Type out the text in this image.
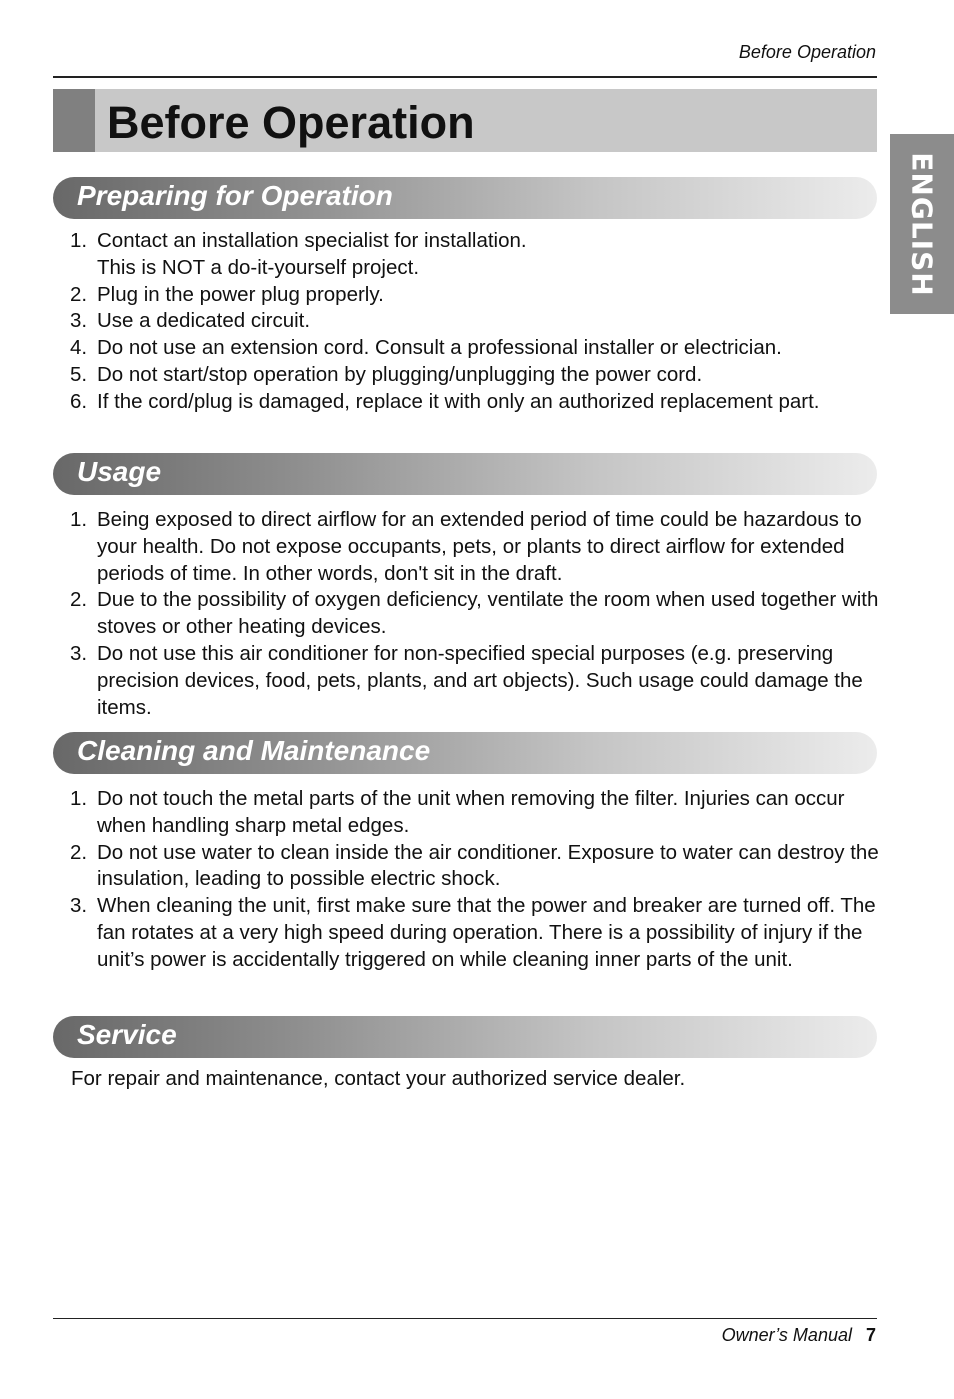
Before Operation
Before Operation
ENGLISH
Preparing for Operation
1. Contact an installation specialist for installation.
This is NOT a do-it-yourself project.
2. Plug in the power plug properly.
3. Use a dedicated circuit.
4. Do not use an extension cord. Consult a professional installer or electrician.
5. Do not start/stop operation by plugging/unplugging the power cord.
6. If the cord/plug is damaged, replace it with only an authorized replacement part.
Usage
1. Being exposed to direct airflow for an extended period of time could be hazardous to your health. Do not expose occupants, pets, or plants to direct airflow for extended periods of time. In other words, don't sit in the draft.
2. Due to the possibility of oxygen deficiency, ventilate the room when used together with stoves or other heating devices.
3. Do not use this air conditioner for non-specified special purposes (e.g. preserving precision devices, food, pets, plants, and art objects). Such usage could damage the items.
Cleaning and Maintenance
1. Do not touch the metal parts of the unit when removing the filter. Injuries can occur when handling sharp metal edges.
2. Do not use water to clean inside the air conditioner. Exposure to water can destroy the insulation, leading to possible electric shock.
3. When cleaning the unit, first make sure that the power and breaker are turned off. The fan rotates at a very high speed during operation. There is a possibility of injury if the unit’s power is accidentally triggered on while cleaning inner parts of the unit.
Service
For repair and maintenance, contact your authorized service dealer.
Owner’s Manual 7
